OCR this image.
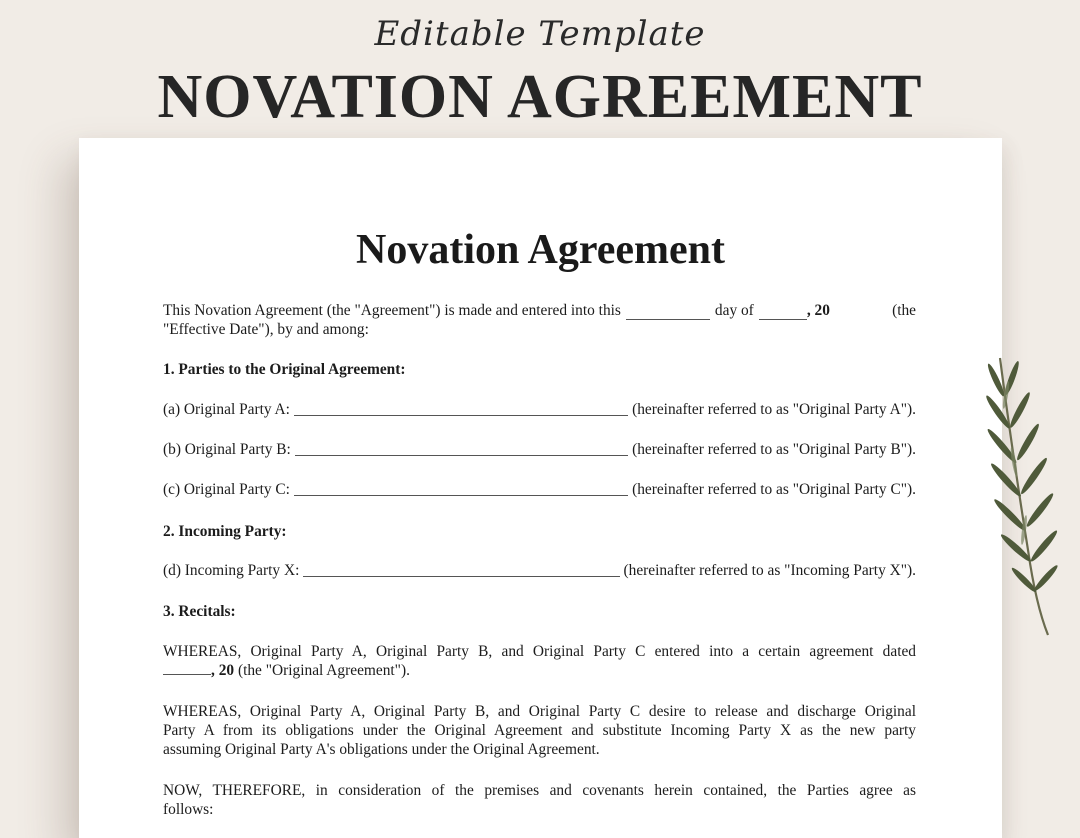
Editable Template
NOVATION AGREEMENT
Novation Agreement
This Novation Agreement (the "Agreement") is made and entered into this	day of	, 20	(the
"Effective Date"), by and among:
1. Parties to the Original Agreement:
(a) Original Party A:	(hereinafter referred to as "Original Party A").
(b) Original Party B:	(hereinafter referred to as "Original Party B").
(c) Original Party C:	(hereinafter referred to as "Original Party C").
2. Incoming Party:
(d) Incoming Party X:	(hereinafter referred to as "Incoming Party X").
3. Recitals:
WHEREAS, Original Party A, Original Party B, and Original Party C entered into a certain agreement dated
, 20 (the "Original Agreement").
WHEREAS, Original Party A, Original Party B, and Original Party C desire to release and discharge Original
Party A from its obligations under the Original Agreement and substitute Incoming Party X as the new party
assuming Original Party A's obligations under the Original Agreement.
NOW, THEREFORE, in consideration of the premises and covenants herein contained, the Parties agree as
follows:
